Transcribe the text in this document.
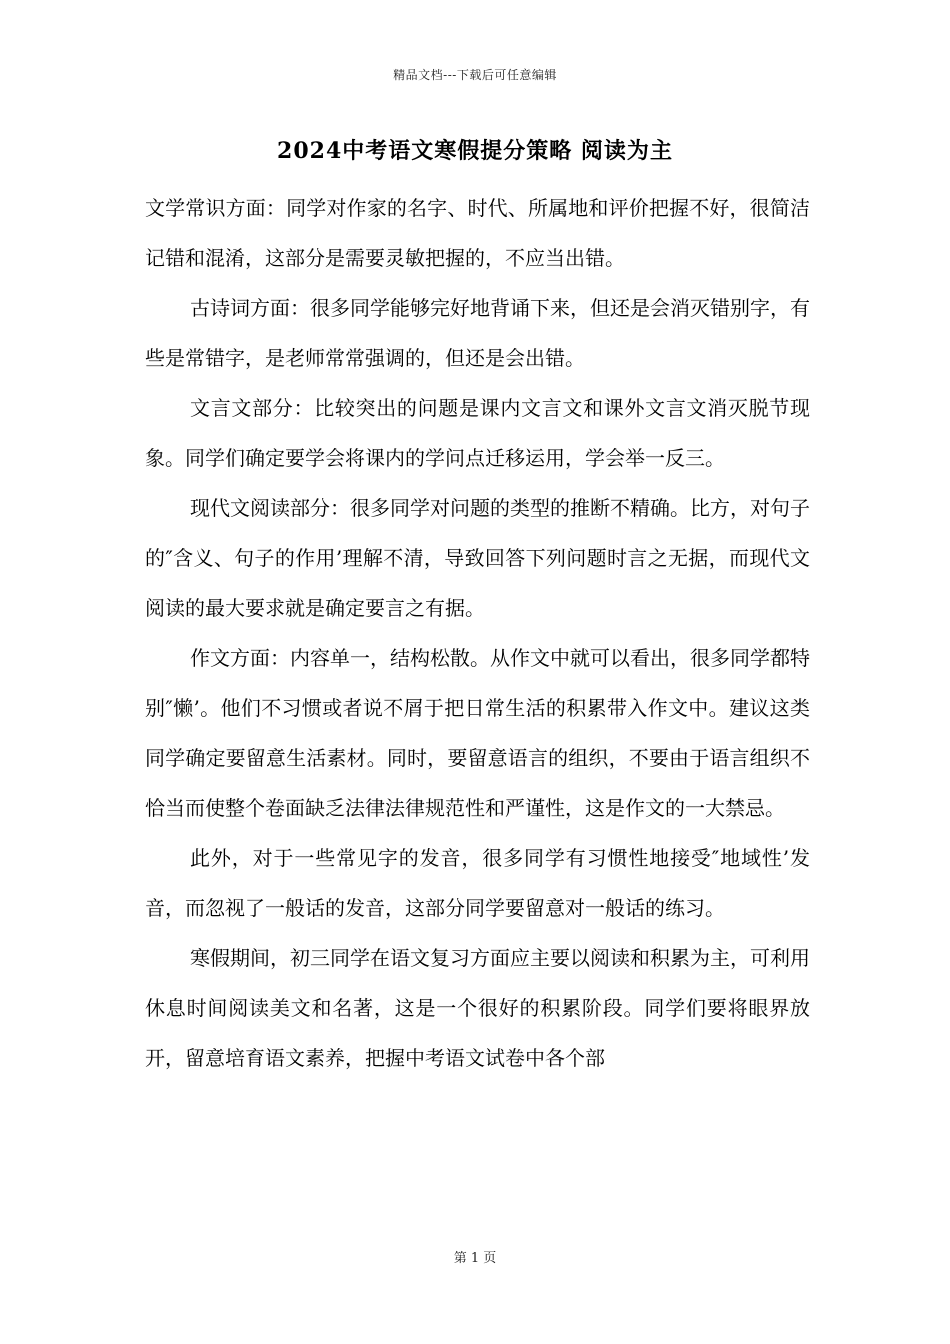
精品文档---下载后可任意编辑
2024中考语文寒假提分策略 阅读为主

文学常识方面：同学对作家的名字、时代、所属地和评价把握不好，很简洁记错和混淆，这部分是需要灵敏把握的，不应当出错。

古诗词方面：很多同学能够完好地背诵下来，但还是会消灭错别字，有些是常错字，是老师常常强调的，但还是会出错。

文言文部分：比较突出的问题是课内文言文和课外文言文消灭脱节现象。同学们确定要学会将课内的学问点迁移运用，学会举一反三。

现代文阅读部分：很多同学对问题的类型的推断不精确。比方，对句子的″含义、句子的作用’理解不清，导致回答下列问题时言之无据，而现代文阅读的最大要求就是确定要言之有据。

作文方面：内容单一，结构松散。从作文中就可以看出，很多同学都特别″懒’。他们不习惯或者说不屑于把日常生活的积累带入作文中。建议这类同学确定要留意生活素材。同时，要留意语言的组织，不要由于语言组织不恰当而使整个卷面缺乏法律法律规范性和严谨性，这是作文的一大禁忌。

此外，对于一些常见字的发音，很多同学有习惯性地接受″地域性’发音，而忽视了一般话的发音，这部分同学要留意对一般话的练习。

寒假期间，初三同学在语文复习方面应主要以阅读和积累为主，可利用休息时间阅读美文和名著，这是一个很好的积累阶段。同学们要将眼界放开，留意培育语文素养，把握中考语文试卷中各个部

第 1 页
